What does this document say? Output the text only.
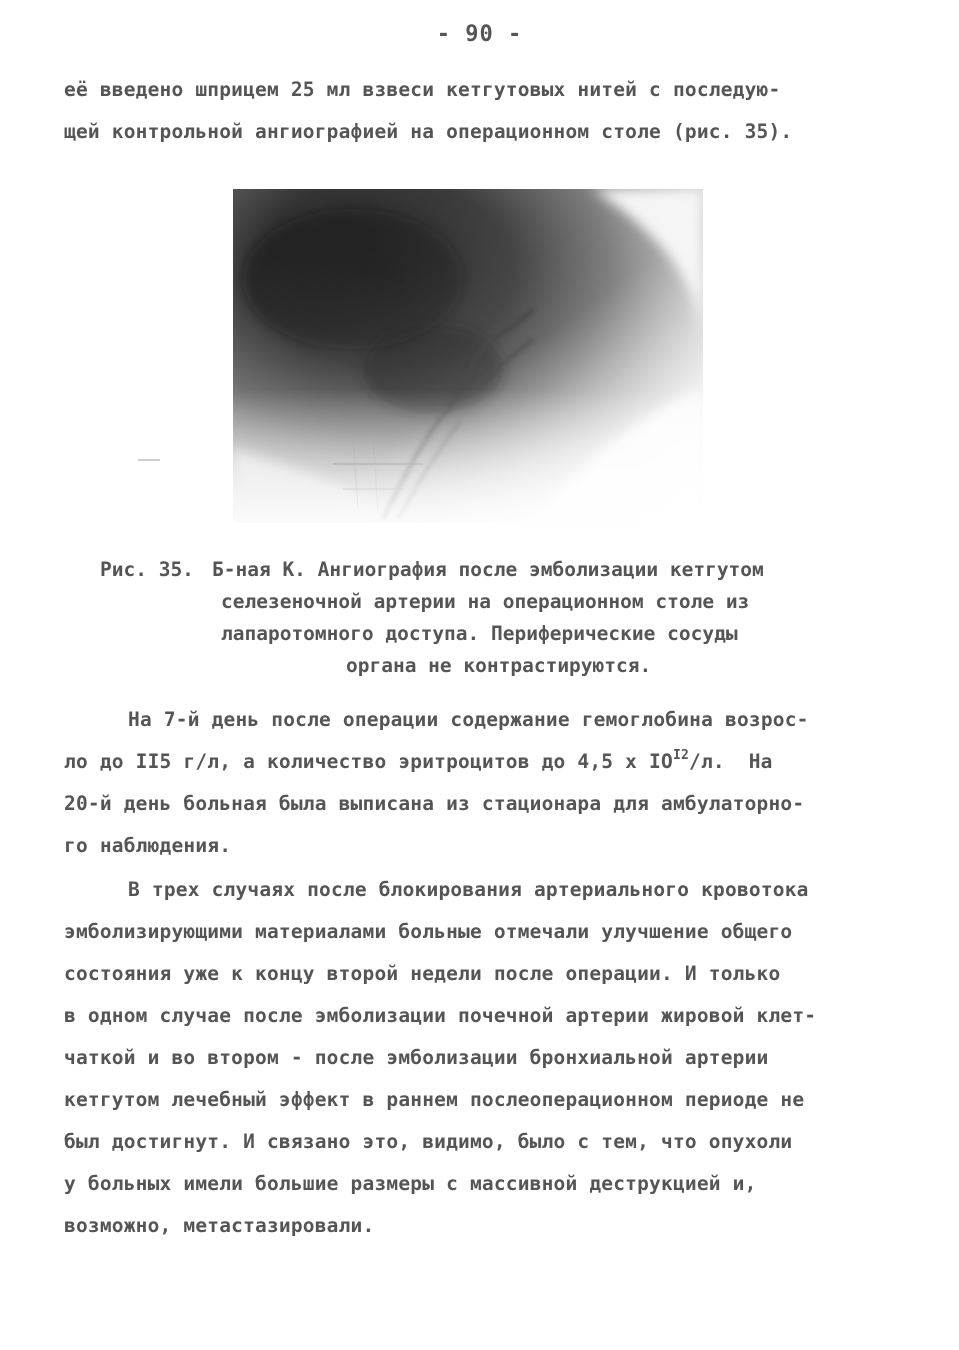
- 90 -
её введено шприцем 25 мл взвеси кетгутовых нитей с последую-
щей контрольной ангиографией на операционном столе (рис. 35).
Рис. 35. Б-ная К. Ангиография после эмболизации кетгутом
селезеночной артерии на операционном столе из
лапаротомного доступа. Периферические сосуды
органа не контрастируются.
На 7-й день после операции содержание гемоглобина возрос-
ло до II5 г/л, а количество эритроцитов до 4,5 х $IO^{I2}/л$.  На
20-й день больная была выписана из стационара для амбулаторно-
го наблюдения.
В трех случаях после блокирования артериального кровотока
эмболизирующими материалами больные отмечали улучшение общего
состояния уже к концу второй недели после операции. И только
в одном случае после эмболизации почечной артерии жировой клет-
чаткой и во втором - после эмболизации бронхиальной артерии
кетгутом лечебный эффект в раннем послеоперационном периоде не
был достигнут. И связано это, видимо, было с тем, что опухоли
у больных имели большие размеры с массивной деструкцией и,
возможно, метастазировали.
